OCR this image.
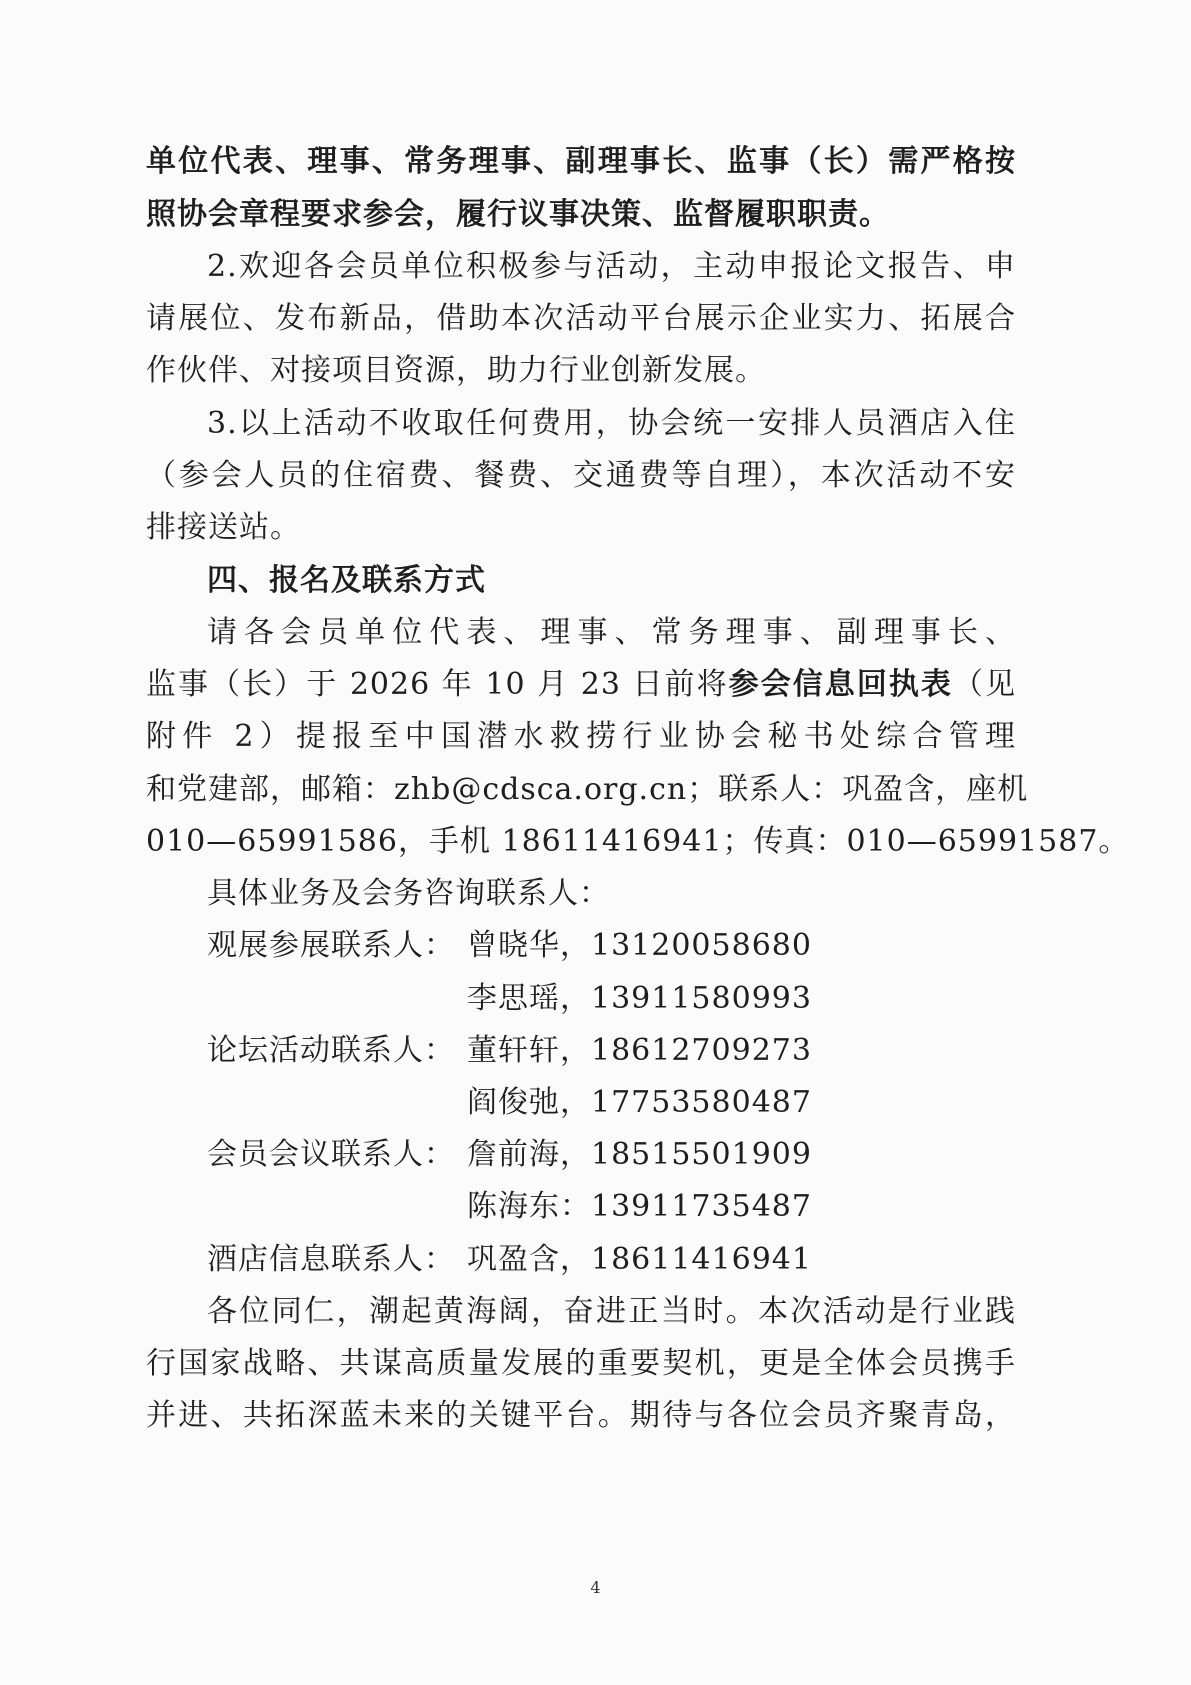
单位代表、理事、常务理事、副理事长、监事（长）需严格按
照协会章程要求参会，履行议事决策、监督履职职责。
2.欢迎各会员单位积极参与活动，主动申报论文报告、申
请展位、发布新品，借助本次活动平台展示企业实力、拓展合
作伙伴、对接项目资源，助力行业创新发展。
3.以上活动不收取任何费用，协会统一安排人员酒店入住
（参会人员的住宿费、餐费、交通费等自理），本次活动不安
排接送站。
四、报名及联系方式
请各会员单位代表、理事、常务理事、副理事长、
监事（长）于 2026 年 10 月 23 日前将参会信息回执表（见
附件 2）提报至中国潜水救捞行业协会秘书处综合管理
和党建部，邮箱：zhb@cdsca.org.cn；联系人：巩盈含，座机
010—65991586，手机 18611416941；传真：010—65991587。
具体业务及会务咨询联系人：
观展参展联系人： 曾晓华，13120058680
李思瑶，13911580993
论坛活动联系人： 董轩轩，18612709273
阎俊弛，17753580487
会员会议联系人： 詹前海，18515501909
陈海东：13911735487
酒店信息联系人： 巩盈含，18611416941
各位同仁，潮起黄海阔，奋进正当时。本次活动是行业践
行国家战略、共谋高质量发展的重要契机，更是全体会员携手
并进、共拓深蓝未来的关键平台。期待与各位会员齐聚青岛，
4
